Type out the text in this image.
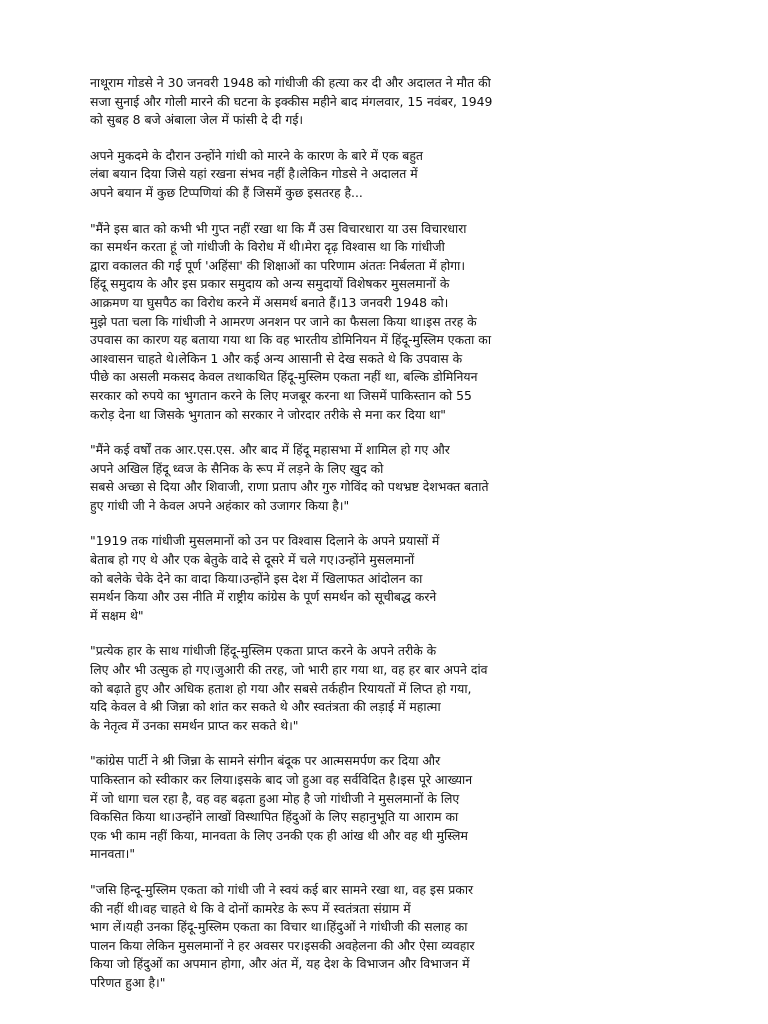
नाथूराम गोडसे ने 30 जनवरी 1948 को गांधीजी की हत्या कर दी और अदालत ने मौत की
सजा सुनाई और गोली मारने की घटना के इक्कीस महीने बाद मंगलवार, 15 नवंबर, 1949
को सुबह 8 बजे अंबाला जेल में फांसी दे दी गई।

अपने मुकदमे के दौरान उन्होंने गांधी को मारने के कारण के बारे में एक बहुत
लंबा बयान दिया जिसे यहां रखना संभव नहीं है।लेकिन गोडसे ने अदालत में
अपने बयान में कुछ टिप्पणियां की हैं जिसमें कुछ इसतरह है...

"मैंने इस बात को कभी भी गुप्त नहीं रखा था कि मैं उस विचारधारा या उस विचारधारा
का समर्थन करता हूं जो गांधीजी के विरोध में थी।मेरा दृढ़ विश्वास था कि गांधीजी
द्वारा वकालत की गई पूर्ण 'अहिंसा' की शिक्षाओं का परिणाम अंततः निर्बलता में होगा।
हिंदू समुदाय के और इस प्रकार समुदाय को अन्य समुदायों विशेषकर मुसलमानों के
आक्रमण या घुसपैठ का विरोध करने में असमर्थ बनाते हैं।13 जनवरी 1948 को।
मुझे पता चला कि गांधीजी ने आमरण अनशन पर जाने का फैसला किया था।इस तरह के
उपवास का कारण यह बताया गया था कि वह भारतीय डोमिनियन में हिंदू-मुस्लिम एकता का
आश्वासन चाहते थे।लेकिन 1 और कई अन्य आसानी से देख सकते थे कि उपवास के
पीछे का असली मकसद केवल तथाकथित हिंदू-मुस्लिम एकता नहीं था, बल्कि डोमिनियन
सरकार को रुपये का भुगतान करने के लिए मजबूर करना था जिसमें पाकिस्तान को 55
करोड़ देना था जिसके भुगतान को सरकार ने जोरदार तरीके से मना कर दिया था"

"मैंने कई वर्षों तक आर.एस.एस. और बाद में हिंदू महासभा में शामिल हो गए और
अपने अखिल हिंदू ध्वज के सैनिक के रूप में लड़ने के लिए खुद को
सबसे अच्छा से दिया और शिवाजी, राणा प्रताप और गुरु गोविंद को पथभ्रष्ट देशभक्त बताते
हुए गांधी जी ने केवल अपने अहंकार को उजागर किया है।"

"1919 तक गांधीजी मुसलमानों को उन पर विश्वास दिलाने के अपने प्रयासों में
बेताब हो गए थे और एक बेतुके वादे से दूसरे में चले गए।उन्होंने मुसलमानों
को बलेके चेके देने का वादा किया।उन्होंने इस देश में खिलाफत आंदोलन का
समर्थन किया और उस नीति में राष्ट्रीय कांग्रेस के पूर्ण समर्थन को सूचीबद्ध करने
में सक्षम थे"

"प्रत्येक हार के साथ गांधीजी हिंदू-मुस्लिम एकता प्राप्त करने के अपने तरीके के
लिए और भी उत्सुक हो गए।जुआरी की तरह, जो भारी हार गया था, वह हर बार अपने दांव
को बढ़ाते हुए और अधिक हताश हो गया और सबसे तर्कहीन रियायतों में लिप्त हो गया,
यदि केवल वे श्री जिन्ना को शांत कर सकते थे और स्वतंत्रता की लड़ाई में महात्मा
के नेतृत्व में उनका समर्थन प्राप्त कर सकते थे।"

"कांग्रेस पार्टी ने श्री जिन्ना के सामने संगीन बंदूक पर आत्मसमर्पण कर दिया और
पाकिस्तान को स्वीकार कर लिया।इसके बाद जो हुआ वह सर्वविदित है।इस पूरे आख्यान
में जो धागा चल रहा है, वह वह बढ़ता हुआ मोह है जो गांधीजी ने मुसलमानों के लिए
विकसित किया था।उन्होंने लाखों विस्थापित हिंदुओं के लिए सहानुभूति या आराम का
एक भी काम नहीं किया, मानवता के लिए उनकी एक ही आंख थी और वह थी मुस्लिम
मानवता।"

"जसि हिन्दू-मुस्लिम एकता को गांधी जी ने स्वयं कई बार सामने रखा था, वह इस प्रकार
की नहीं थी।वह चाहते थे कि वे दोनों कामरेड के रूप में स्वतंत्रता संग्राम में
भाग लें।यही उनका हिंदू-मुस्लिम एकता का विचार था।हिंदुओं ने गांधीजी की सलाह का
पालन किया लेकिन मुसलमानों ने हर अवसर पर।इसकी अवहेलना की और ऐसा व्यवहार
किया जो हिंदुओं का अपमान होगा, और अंत में, यह देश के विभाजन और विभाजन में
परिणत हुआ है।"
